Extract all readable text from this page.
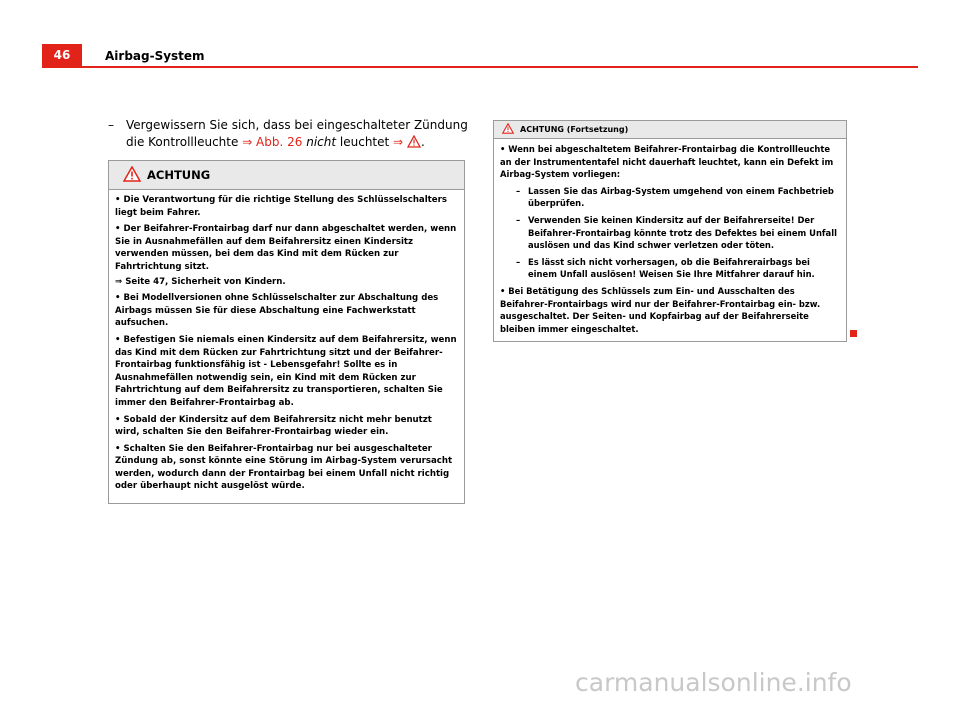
46	Airbag-System
–	Vergewissern Sie sich, dass bei eingeschalteter Zündung die Kontrollleuchte ⇒ Abb. 26 nicht leuchtet ⇒ .
ACHTUNG

• Die Verantwortung für die richtige Stellung des Schlüsselschalters liegt beim Fahrer.

• Der Beifahrer-Frontairbag darf nur dann abgeschaltet werden, wenn Sie in Ausnahmefällen auf dem Beifahrersitz einen Kindersitz verwenden müssen, bei dem das Kind mit dem Rücken zur Fahrtrichtung sitzt.

⇒ Seite 47, Sicherheit von Kindern.

• Bei Modellversionen ohne Schlüsselschalter zur Abschaltung des Airbags müssen Sie für diese Abschaltung eine Fachwerkstatt aufsuchen.

• Befestigen Sie niemals einen Kindersitz auf dem Beifahrersitz, wenn das Kind mit dem Rücken zur Fahrtrichtung sitzt und der Beifahrer-Frontairbag funktionsfähig ist - Lebensgefahr! Sollte es in Ausnahmefällen notwendig sein, ein Kind mit dem Rücken zur Fahrtrichtung auf dem Beifahrersitz zu transportieren, schalten Sie immer den Beifahrer-Frontairbag ab.

• Sobald der Kindersitz auf dem Beifahrersitz nicht mehr benutzt wird, schalten Sie den Beifahrer-Frontairbag wieder ein.

• Schalten Sie den Beifahrer-Frontairbag nur bei ausgeschalteter Zündung ab, sonst könnte eine Störung im Airbag-System verursacht werden, wodurch dann der Frontairbag bei einem Unfall nicht richtig oder überhaupt nicht ausgelöst würde.

ACHTUNG (Fortsetzung)

• Wenn bei abgeschaltetem Beifahrer-Frontairbag die Kontrollleuchte an der Instrumententafel nicht dauerhaft leuchtet, kann ein Defekt im Airbag-System vorliegen:

– Lassen Sie das Airbag-System umgehend von einem Fachbetrieb überprüfen.
– Verwenden Sie keinen Kindersitz auf der Beifahrerseite! Der Beifahrer-Frontairbag könnte trotz des Defektes bei einem Unfall auslösen und das Kind schwer verletzen oder töten.
– Es lässt sich nicht vorhersagen, ob die Beifahrerairbags bei einem Unfall auslösen! Weisen Sie Ihre Mitfahrer darauf hin.

• Bei Betätigung des Schlüssels zum Ein- und Ausschalten des Beifahrer-Frontairbags wird nur der Beifahrer-Frontairbag ein- bzw. ausgeschaltet. Der Seiten- und Kopfairbag auf der Beifahrerseite bleiben immer eingeschaltet.

carmanualsonline.info
